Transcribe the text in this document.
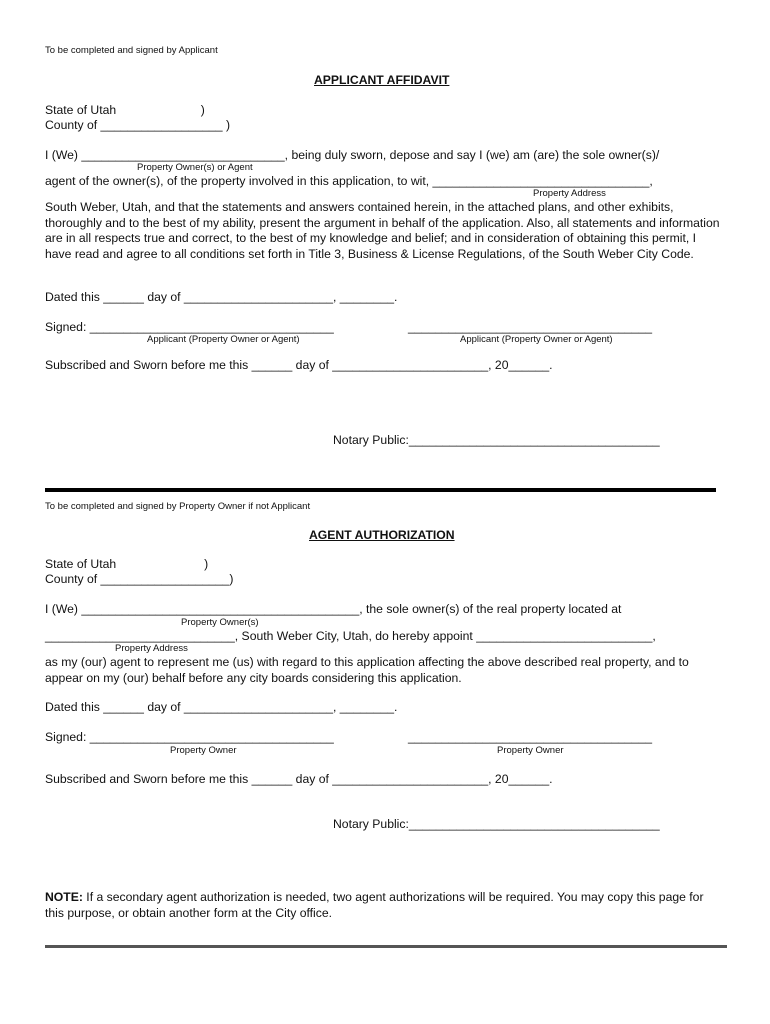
To be completed and signed by Applicant
APPLICANT AFFIDAVIT
State of Utah                         )
County of __________________ )
I (We) ______________________________, being duly sworn, depose and say I (we) am (are) the sole owner(s)/
Property Owner(s) or Agent
agent of the owner(s), of the property involved in this application, to wit, ________________________________,
Property Address
South Weber, Utah, and that the statements and answers contained herein, in the attached plans, and other exhibits, thoroughly and to the best of my ability, present the argument in behalf of the application. Also, all statements and information are in all respects true and correct, to the best of my knowledge and belief; and in consideration of obtaining this permit, I have read and agree to all conditions set forth in Title 3, Business & License Regulations, of the South Weber City Code.
Dated this ______ day of ______________________, ________.
Signed: ____________________________________	____________________________________
Applicant (Property Owner or Agent)	Applicant (Property Owner or Agent)
Subscribed and Sworn before me this ______ day of _______________________, 20______.
Notary Public:_____________________________________
To be completed and signed by Property Owner if not Applicant
AGENT AUTHORIZATION
State of Utah                          )
County of ___________________)
I (We) _________________________________________, the sole owner(s) of the real property located at
Property Owner(s)
____________________________, South Weber City, Utah, do hereby appoint __________________________,
Property Address
as my (our) agent to represent me (us) with regard to this application affecting the above described real property, and to appear on my (our) behalf before any city boards considering this application.
Dated this ______ day of ______________________, ________.
Signed: ____________________________________	____________________________________
Property Owner	Property Owner
Subscribed and Sworn before me this ______ day of _______________________, 20______.
Notary Public:_____________________________________
NOTE: If a secondary agent authorization is needed, two agent authorizations will be required. You may copy this page for this purpose, or obtain another form at the City office.
